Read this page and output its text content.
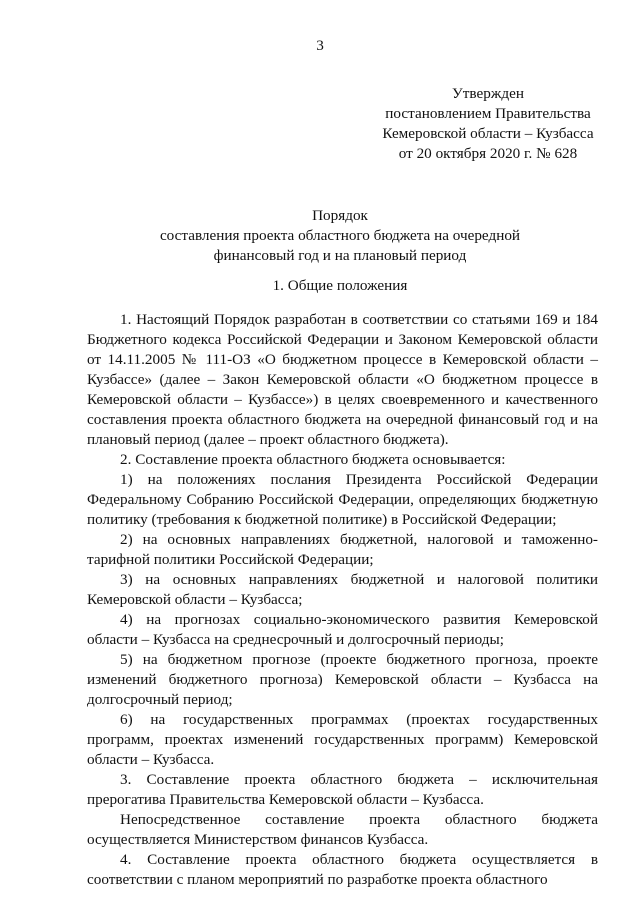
3
Утвержден
постановлением Правительства
Кемеровской области – Кузбасса
от 20 октября 2020 г. № 628
Порядок
составления проекта областного бюджета на очередной
финансовый год и на плановый период
1. Общие положения

1. Настоящий Порядок разработан в соответствии со статьями 169 и 184 Бюджетного кодекса Российской Федерации и Законом Кемеровской области от 14.11.2005 № 111-ОЗ «О бюджетном процессе в Кемеровской области – Кузбассе» (далее – Закон Кемеровской области «О бюджетном процессе в Кемеровской области – Кузбассе») в целях своевременного и качественного составления проекта областного бюджета на очередной финансовый год и на плановый период (далее – проект областного бюджета).

2. Составление проекта областного бюджета основывается:

1) на положениях послания Президента Российской Федерации Федеральному Собранию Российской Федерации, определяющих бюджетную политику (требования к бюджетной политике) в Российской Федерации;

2) на основных направлениях бюджетной, налоговой и таможенно-тарифной политики Российской Федерации;

3) на основных направлениях бюджетной и налоговой политики Кемеровской области – Кузбасса;

4) на прогнозах социально-экономического развития Кемеровской области – Кузбасса на среднесрочный и долгосрочный периоды;

5) на бюджетном прогнозе (проекте бюджетного прогноза, проекте изменений бюджетного прогноза) Кемеровской области – Кузбасса на долгосрочный период;

6) на государственных программах (проектах государственных программ, проектах изменений государственных программ) Кемеровской области – Кузбасса.

3. Составление проекта областного бюджета – исключительная прерогатива Правительства Кемеровской области – Кузбасса.

Непосредственное составление проекта областного бюджета осуществляется Министерством финансов Кузбасса.

4. Составление проекта областного бюджета осуществляется в соответствии с планом мероприятий по разработке проекта областного
